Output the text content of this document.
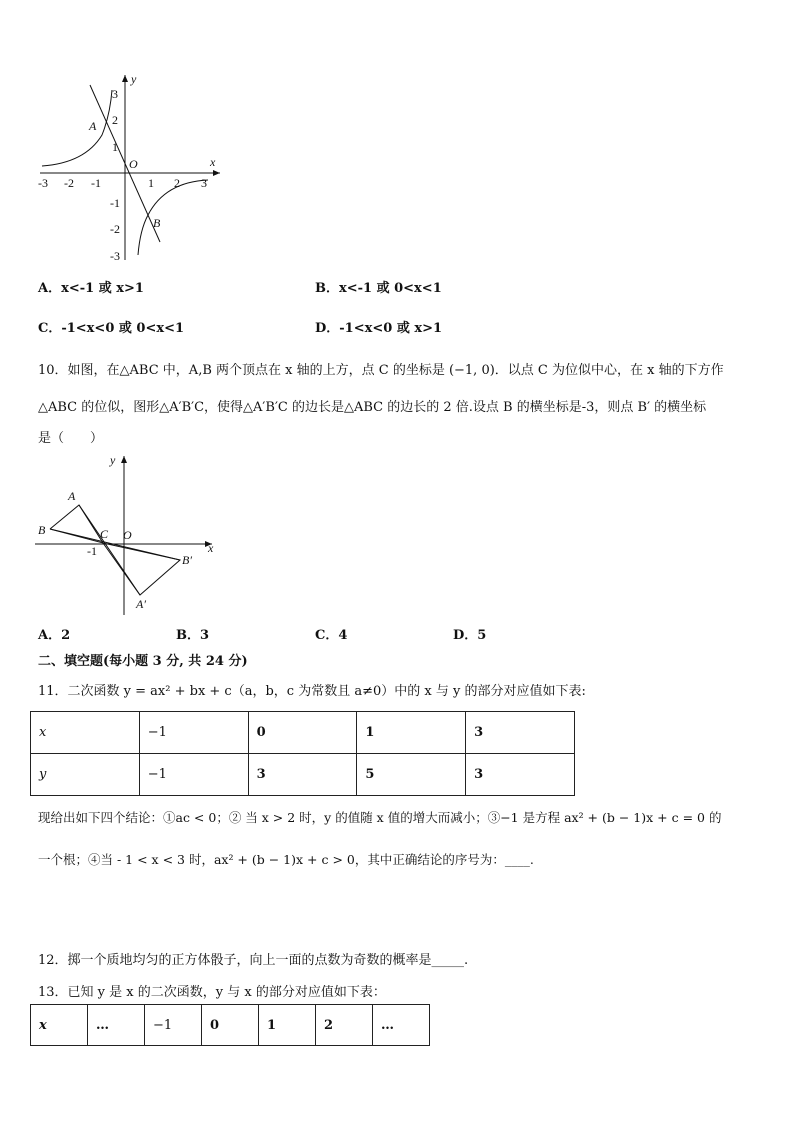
-3 -2 -1	1 2 3
3
2
1
-1
-2
-3
x
y
O
A
B
A．x<-1 或 x>1	B．x<-1 或 0<x<1
C．-1<x<0 或 0<x<1	D．-1<x<0 或 x>1
10．如图，在△ABC 中，A,B 两个顶点在 x 轴的上方，点 C 的坐标是 (−1, 0)．以点 C 为位似中心，在 x 轴的下方作
△ABC 的位似，图形△A′B′C，使得△A′B′C 的边长是△ABC 的边长的 2 倍.设点 B 的横坐标是-3，则点 B′ 的横坐标
是（　　）
A
B	C O
-1
B′
A′
x
y
A．2	B．3	C．4	D．5
二、填空题(每小题 3 分, 共 24 分)
11．二次函数 y = ax² + bx + c（a，b，c 为常数且 a≠0）中的 x 与 y 的部分对应值如下表:
x	−1	0	1	3
y	−1	3	5	3
现给出如下四个结论：①ac < 0；② 当 x > 2 时，y 的值随 x 值的增大而减小；③−1 是方程 ax² + (b − 1)x + c = 0 的
一个根；④当 - 1 < x < 3 时，ax² + (b − 1)x + c > 0，其中正确结论的序号为：____.
12．掷一个质地均匀的正方体骰子，向上一面的点数为奇数的概率是_____.
13．已知 y 是 x 的二次函数，y 与 x 的部分对应值如下表：
x	…	−1	0	1	2	…
